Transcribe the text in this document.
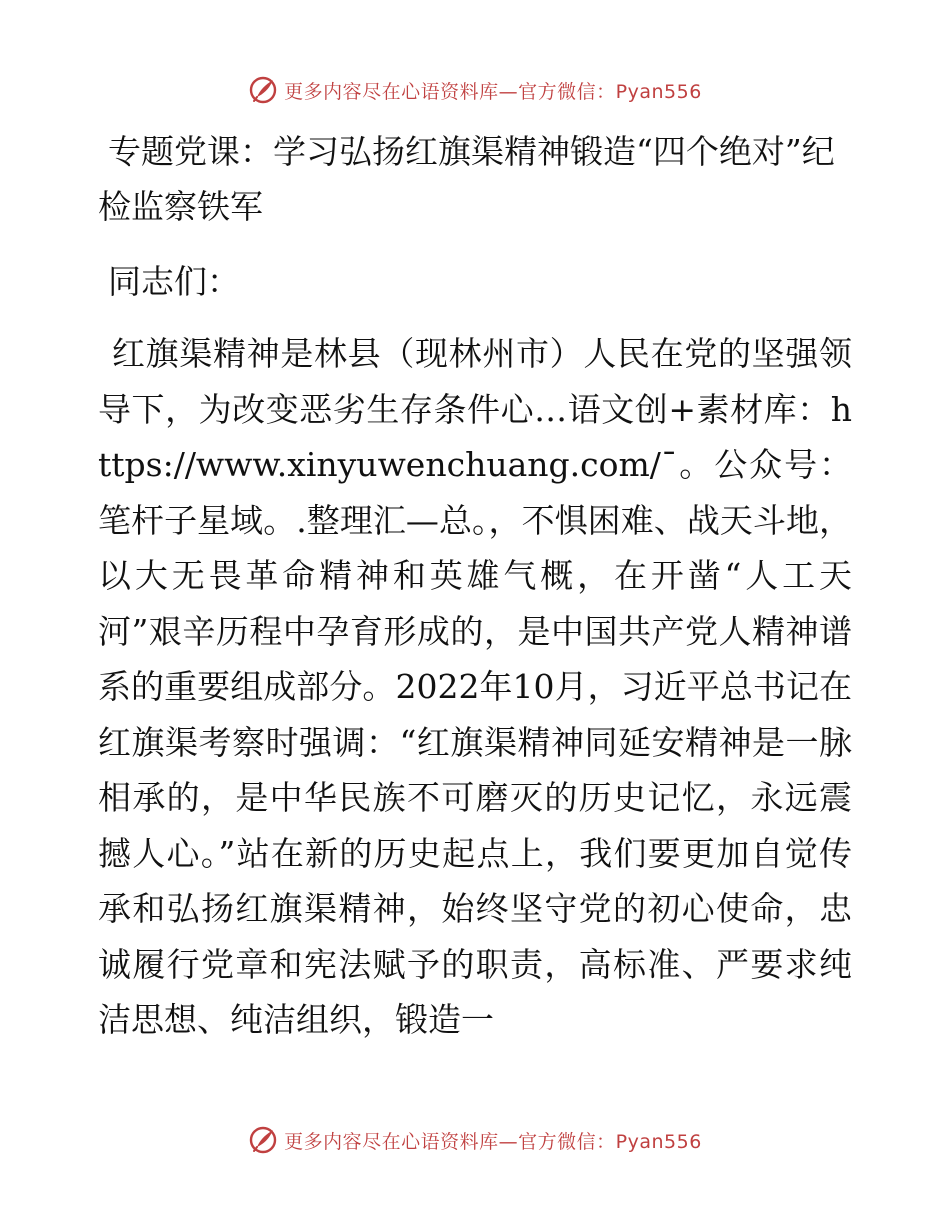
更多内容尽在心语资料库—官方微信：Pyan556
专题党课：学习弘扬红旗渠精神锻造“四个绝对”纪检监察铁军

同志们：

红旗渠精神是林县（现林州市）人民在党的坚强领导下，为改变恶劣生存条件心…语文创+素材库：https://www.xinyuwenchuang.com/¯。公众号：笔杆子星域。.整理汇—总。，不惧困难、战天斗地，以大无畏革命精神和英雄气概，在开凿“人工天河”艰辛历程中孕育形成的，是中国共产党人精神谱系的重要组成部分。2022年10月，习近平总书记在红旗渠考察时强调：“红旗渠精神同延安精神是一脉相承的，是中华民族不可磨灭的历史记忆，永远震撼人心。”站在新的历史起点上，我们要更加自觉传承和弘扬红旗渠精神，始终坚守党的初心使命，忠诚履行党章和宪法赋予的职责，高标准、严要求纯洁思想、纯洁组织，锻造一

更多内容尽在心语资料库—官方微信：Pyan556
